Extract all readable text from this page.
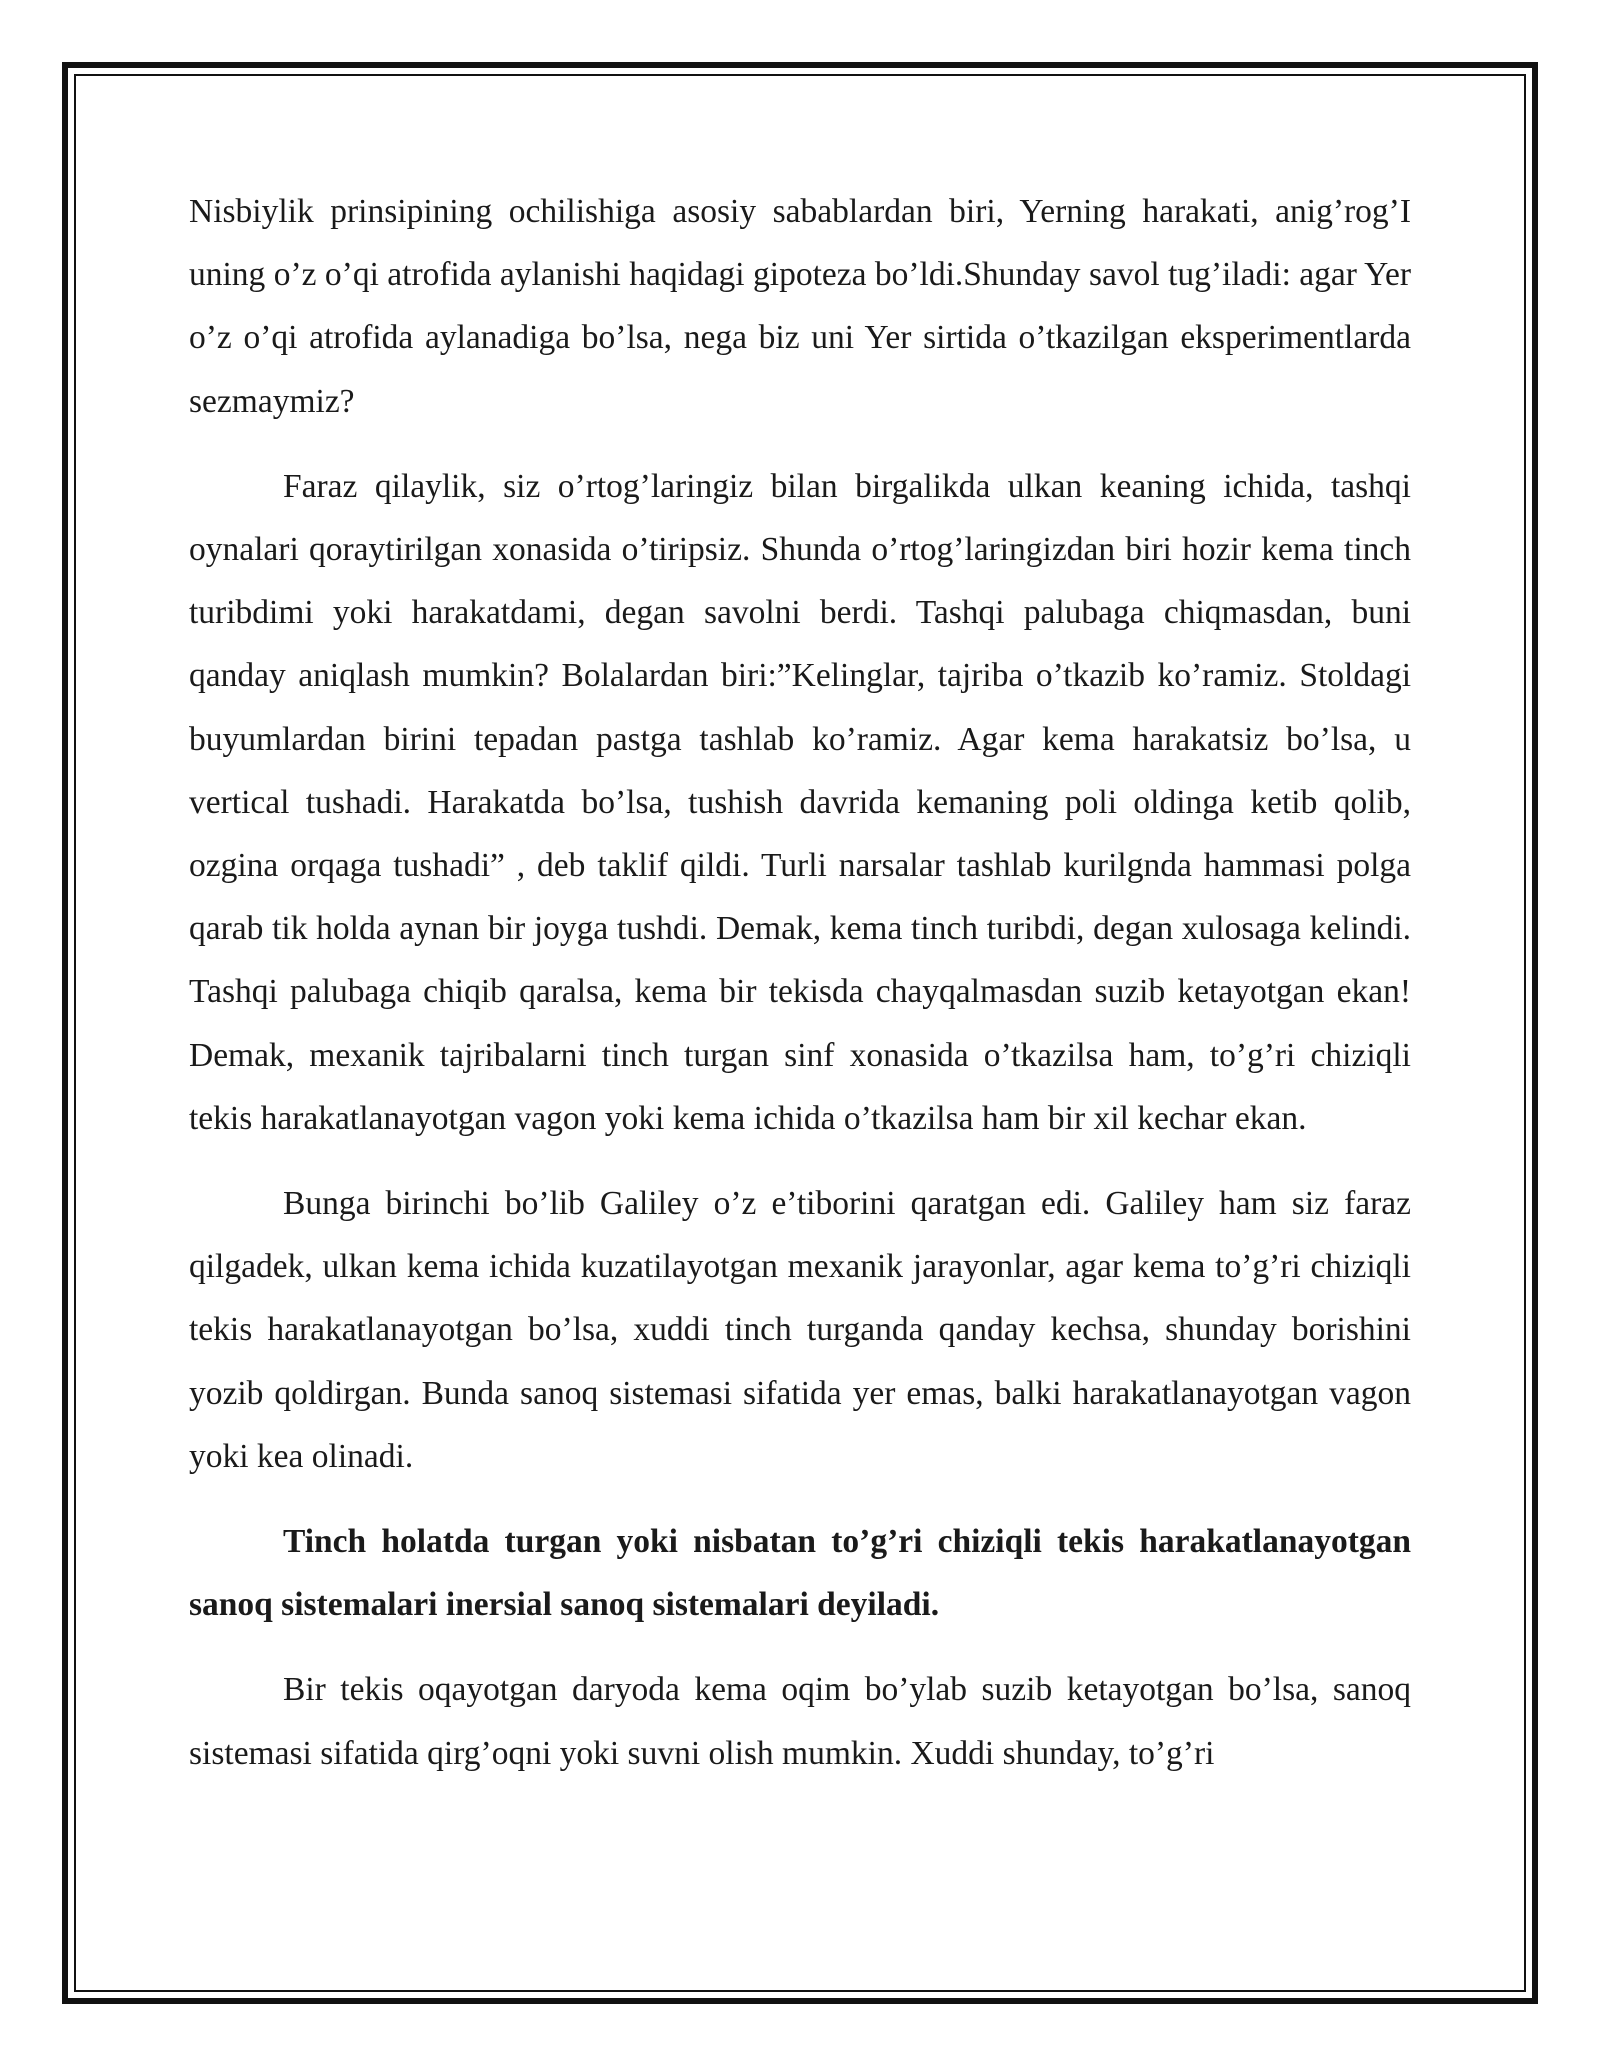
Nisbiylik prinsipining ochilishiga asosiy sabablardan biri, Yerning harakati, anig’rog’I uning o’z o’qi atrofida aylanishi haqidagi gipoteza bo’ldi.Shunday savol tug’iladi: agar Yer o’z o’qi atrofida aylanadiga bo’lsa, nega biz uni Yer sirtida o’tkazilgan eksperimentlarda sezmaymiz?

Faraz qilaylik, siz o’rtog’laringiz bilan birgalikda ulkan keaning ichida, tashqi oynalari qoraytirilgan xonasida o’tiripsiz. Shunda o’rtog’laringizdan biri hozir kema tinch turibdimi yoki harakatdami, degan savolni berdi. Tashqi palubaga chiqmasdan, buni qanday aniqlash mumkin? Bolalardan biri:”Kelinglar, tajriba o’tkazib ko’ramiz. Stoldagi buyumlardan birini tepadan pastga tashlab ko’ramiz. Agar kema harakatsiz bo’lsa, u vertical tushadi. Harakatda bo’lsa, tushish davrida kemaning poli oldinga ketib qolib, ozgina orqaga tushadi” , deb taklif qildi. Turli narsalar tashlab kurilgnda hammasi polga qarab tik holda aynan bir joyga tushdi. Demak, kema tinch turibdi, degan xulosaga kelindi. Tashqi palubaga chiqib qaralsa, kema bir tekisda chayqalmasdan suzib ketayotgan ekan! Demak, mexanik tajribalarni tinch turgan sinf xonasida o’tkazilsa ham, to’g’ri chiziqli tekis harakatlanayotgan vagon yoki kema ichida o’tkazilsa ham bir xil kechar ekan.

Bunga birinchi bo’lib Galiley o’z e’tiborini qaratgan edi. Galiley ham siz faraz qilgadek, ulkan kema ichida kuzatilayotgan mexanik jarayonlar, agar kema to’g’ri chiziqli tekis harakatlanayotgan bo’lsa, xuddi tinch turganda qanday kechsa, shunday borishini yozib qoldirgan. Bunda sanoq sistemasi sifatida yer emas, balki harakatlanayotgan vagon yoki kea olinadi.

Tinch holatda turgan yoki nisbatan to’g’ri chiziqli tekis harakatlanayotgan sanoq sistemalari inersial sanoq sistemalari deyiladi.

Bir tekis oqayotgan daryoda kema oqim bo’ylab suzib ketayotgan bo’lsa, sanoq sistemasi sifatida qirg’oqni yoki suvni olish mumkin. Xuddi shunday, to’g’ri
